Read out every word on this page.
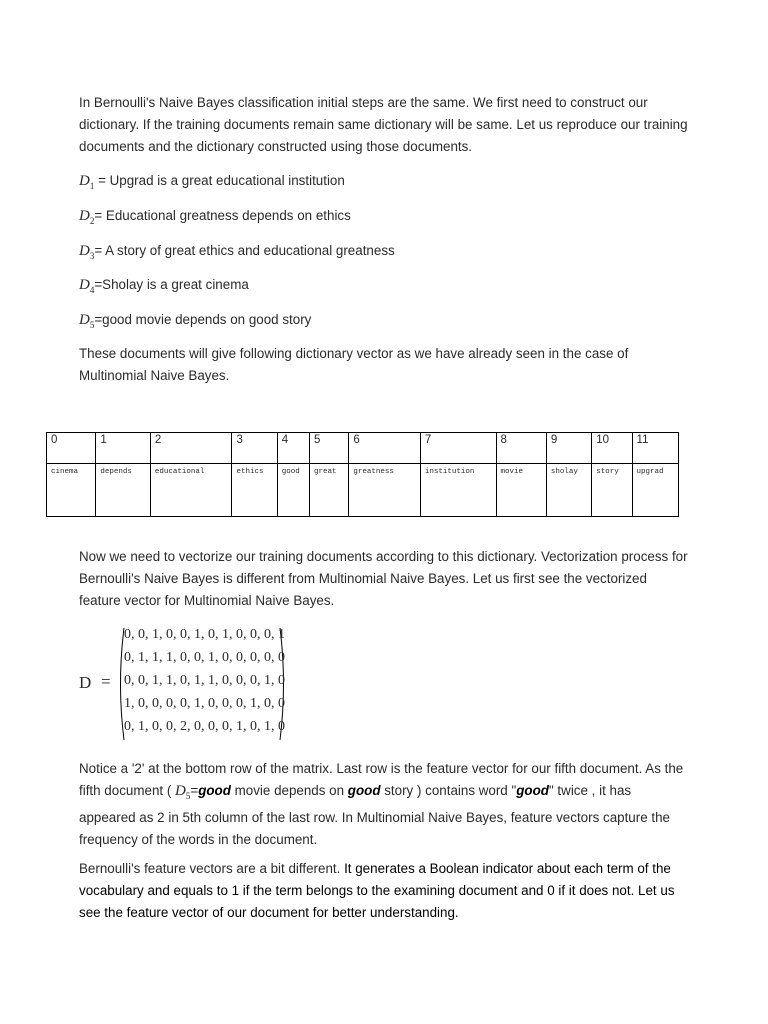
In Bernoulli's Naive Bayes classification initial steps are the same. We first need to construct our dictionary. If the training documents remain same dictionary will be same. Let us reproduce our training documents and the dictionary constructed using those documents.

$D_1$ = Upgrad is a great educational institution

$D_2=$ Educational greatness depends on ethics

$D_3= A$ story of great ethics and educational greatness

$D_4=Sholay$ is a great cinema

$D_5=good$ movie depends on good story

These documents will give following dictionary vector as we have already seen in the case of Multinomial Naive Bayes.

0	1	2	3	4	5	6	7	8	9	10	11
cinema	depends	educational	ethics	good	great	greatness	institution	movie	sholay	story	upgrad

Now we need to vectorize our training documents according to this dictionary. Vectorization process for Bernoulli's Naive Bayes is different from Multinomial Naive Bayes. Let us first see the vectorized feature vector for Multinomial Naive Bayes.

D =
0, 0, 1, 0, 0, 1, 0, 1, 0, 0, 0, 1
0, 1, 1, 1, 0, 0, 1, 0, 0, 0, 0, 0
0, 0, 1, 1, 0, 1, 1, 0, 0, 0, 1, 0
1, 0, 0, 0, 0, 1, 0, 0, 0, 1, 0, 0
0, 1, 0, 0, 2, 0, 0, 0, 1, 0, 1, 0

Notice a '2' at the bottom row of the matrix. Last row is the feature vector for our fifth document. As the fifth document ( $D_5=good$ movie depends on good story ) contains word "good" twice , it has appeared as 2 in 5th column of the last row. In Multinomial Naive Bayes, feature vectors capture the frequency of the words in the document.

Bernoulli's feature vectors are a bit different. It generates a Boolean indicator about each term of the vocabulary and equals to 1 if the term belongs to the examining document and 0 if it does not. Let us see the feature vector of our document for better understanding.
